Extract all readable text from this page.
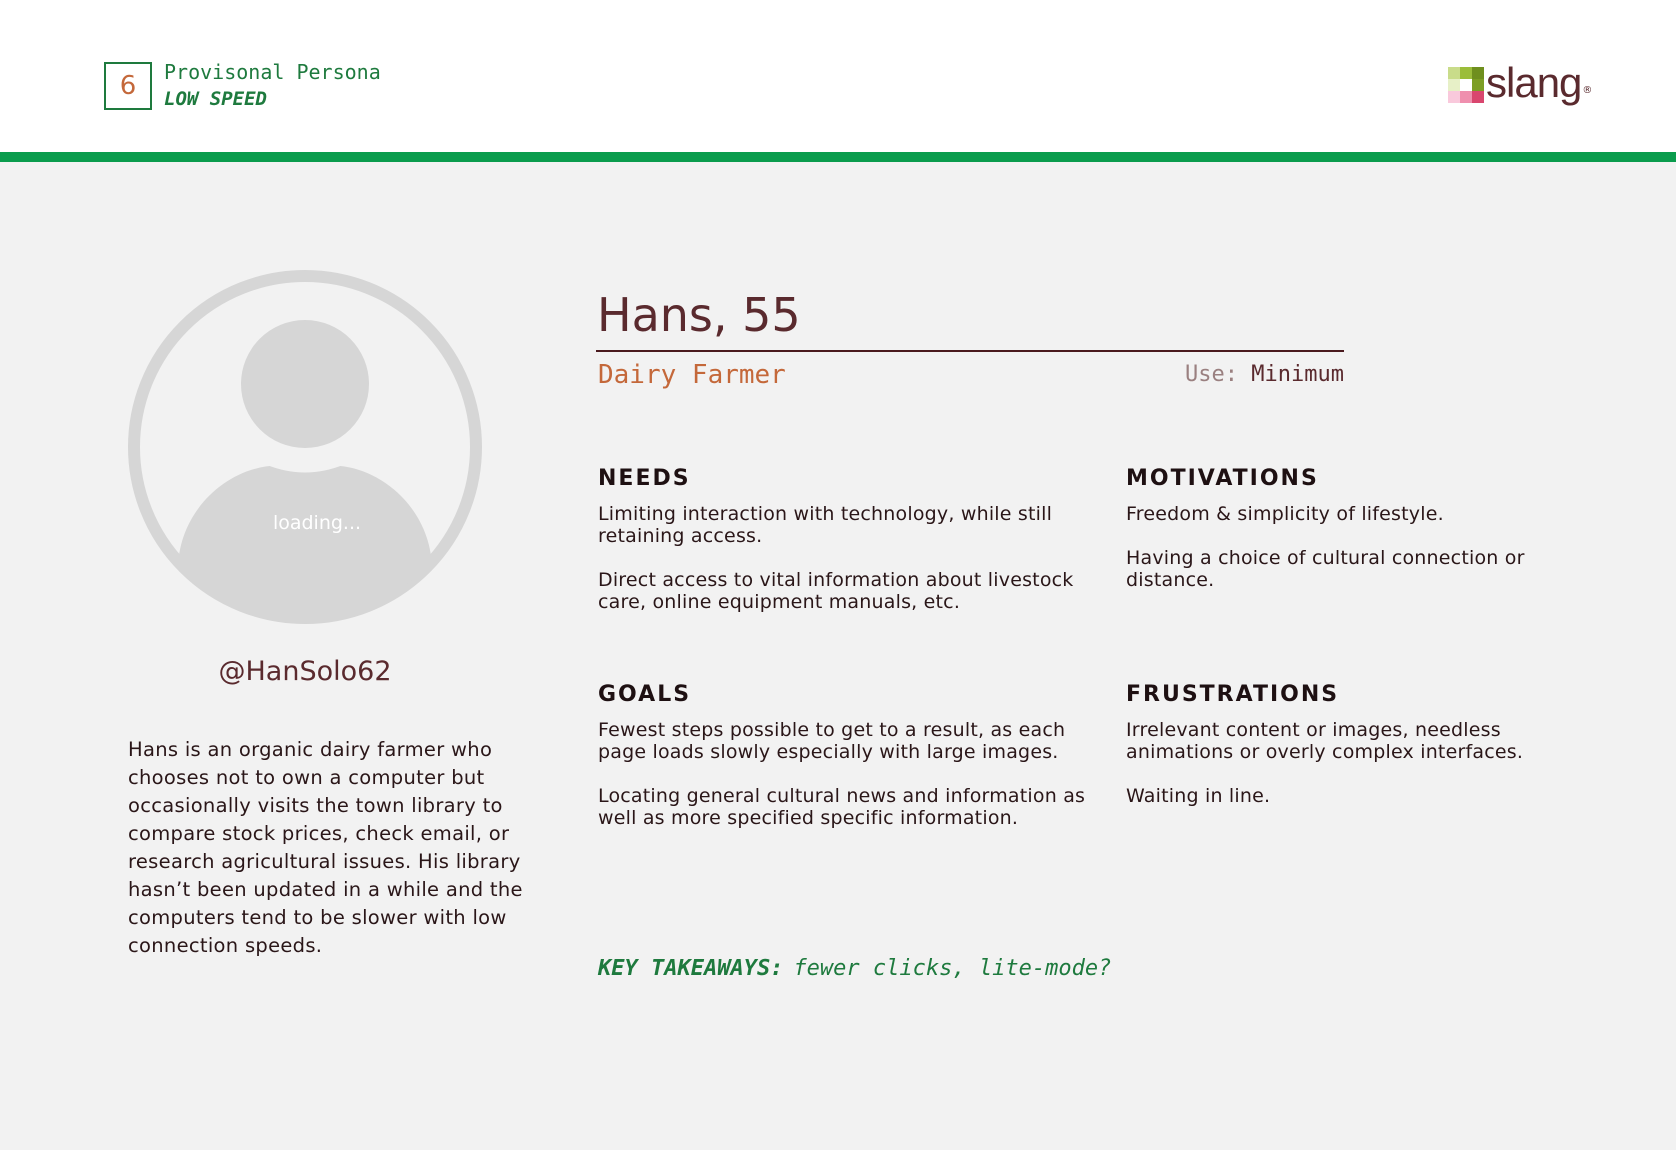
6	Provisonal Persona
LOW SPEED	slang ®
loading...
@HanSolo62
Hans is an organic dairy farmer who chooses not to own a computer but occasionally visits the town library to compare stock prices, check email, or research agricultural issues. His library hasn’t been updated in a while and the computers tend to be slower with low connection speeds.
Hans, 55
Dairy Farmer	Use: Minimum
NEEDS
Limiting interaction with technology, while still retaining access.
Direct access to vital information about livestock care, online equipment manuals, etc.
MOTIVATIONS
Freedom & simplicity of lifestyle.
Having a choice of cultural connection or distance.
GOALS
Fewest steps possible to get to a result, as each page loads slowly especially with large images.
Locating general cultural news and information as well as more specified specific information.
FRUSTRATIONS
Irrelevant content or images, needless animations or overly complex interfaces.
Waiting in line.
KEY TAKEAWAYS: fewer clicks, lite-mode?
